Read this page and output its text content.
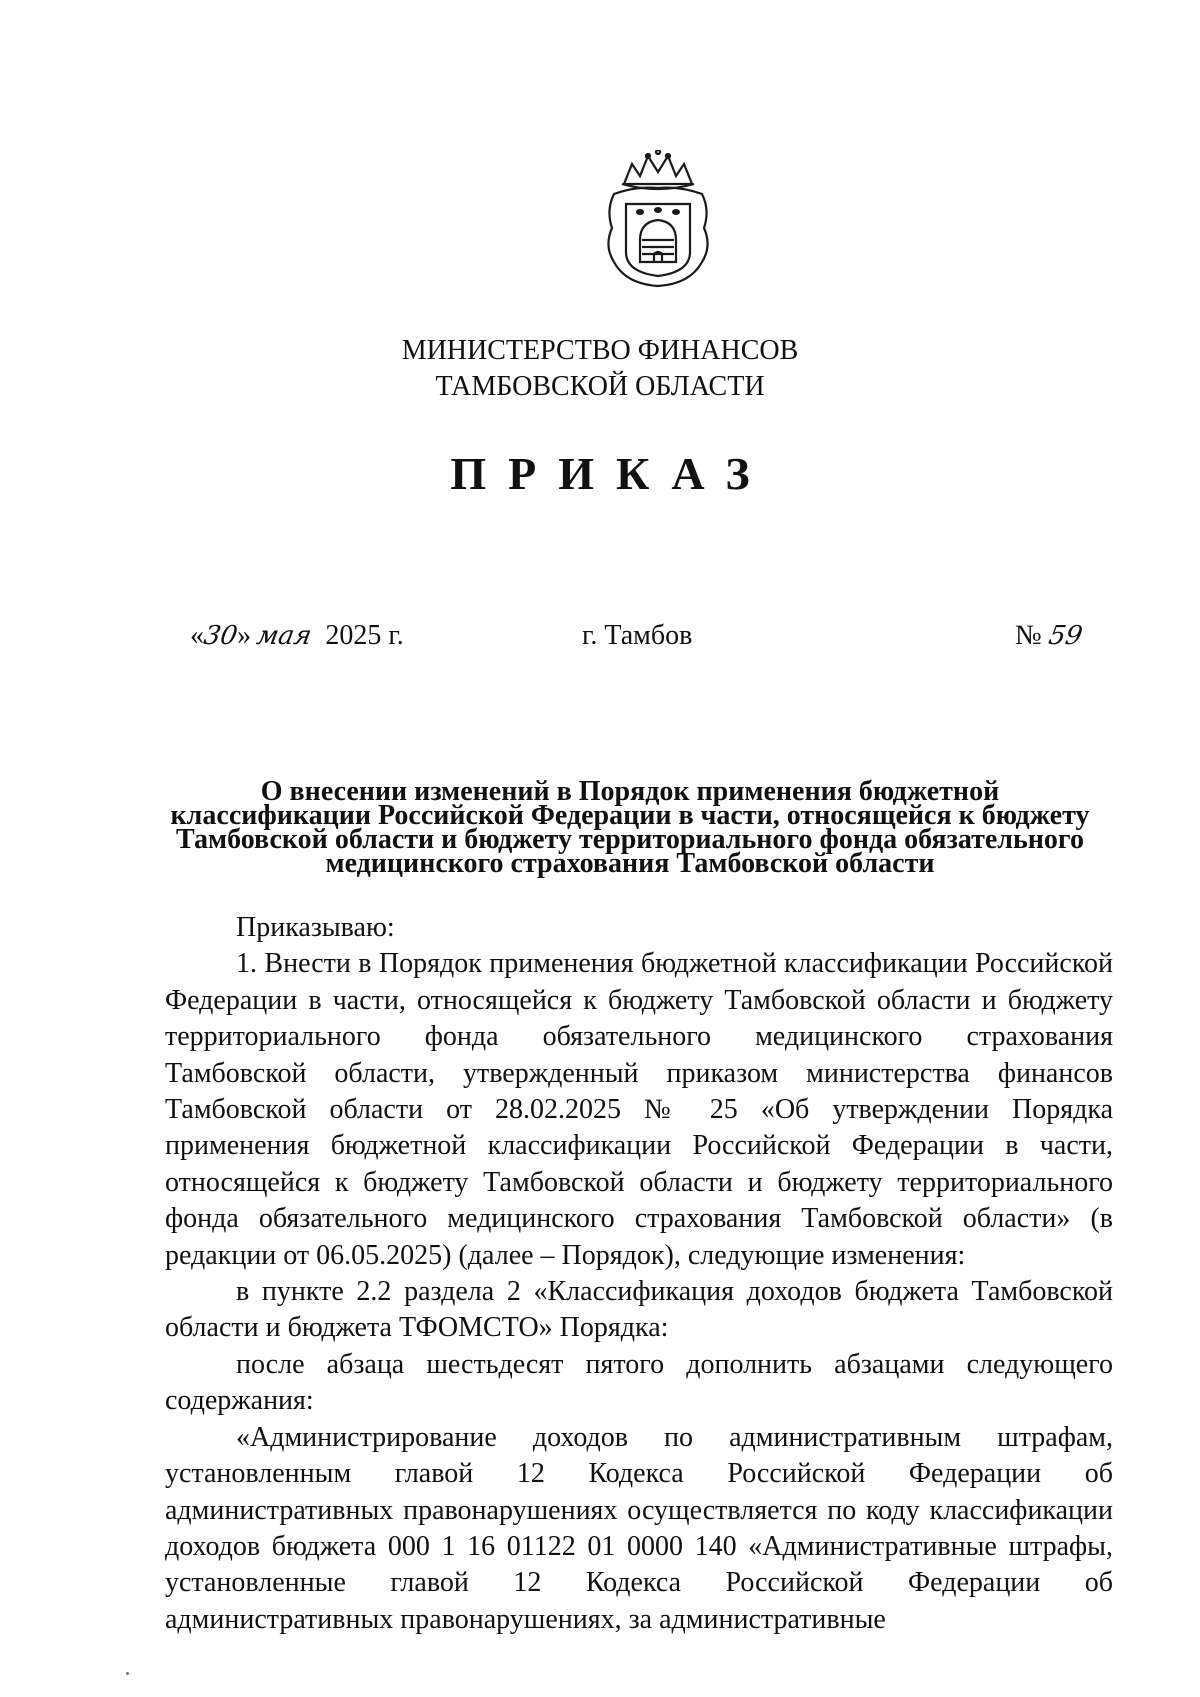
МИНИСТЕРСТВО ФИНАНСОВ
ТАМБОВСКОЙ ОБЛАСТИ
ПРИКАЗ
«30» мая 2025 г.	г. Тамбов	№ 59
О внесении изменений в Порядок применения бюджетной
классификации Российской Федерации в части, относящейся к бюджету
Тамбовской области и бюджету территориального фонда обязательного
медицинского страхования Тамбовской области

Приказываю:

1. Внести в Порядок применения бюджетной классификации Российской Федерации в части, относящейся к бюджету Тамбовской области и бюджету территориального фонда обязательного медицинского страхования Тамбовской области, утвержденный приказом министерства финансов Тамбовской области от 28.02.2025 № 25 «Об утверждении Порядка применения бюджетной классификации Российской Федерации в части, относящейся к бюджету Тамбовской области и бюджету территориального фонда обязательного медицинского страхования Тамбовской области» (в редакции от 06.05.2025) (далее – Порядок), следующие изменения:

в пункте 2.2 раздела 2 «Классификация доходов бюджета Тамбовской области и бюджета ТФОМСТО» Порядка:

после абзаца шестьдесят пятого дополнить абзацами следующего содержания:

«Администрирование доходов по административным штрафам, установленным главой 12 Кодекса Российской Федерации об административных правонарушениях осуществляется по коду классификации доходов бюджета 000 1 16 01122 01 0000 140 «Административные штрафы, установленные главой 12 Кодекса Российской Федерации об административных правонарушениях, за административные
